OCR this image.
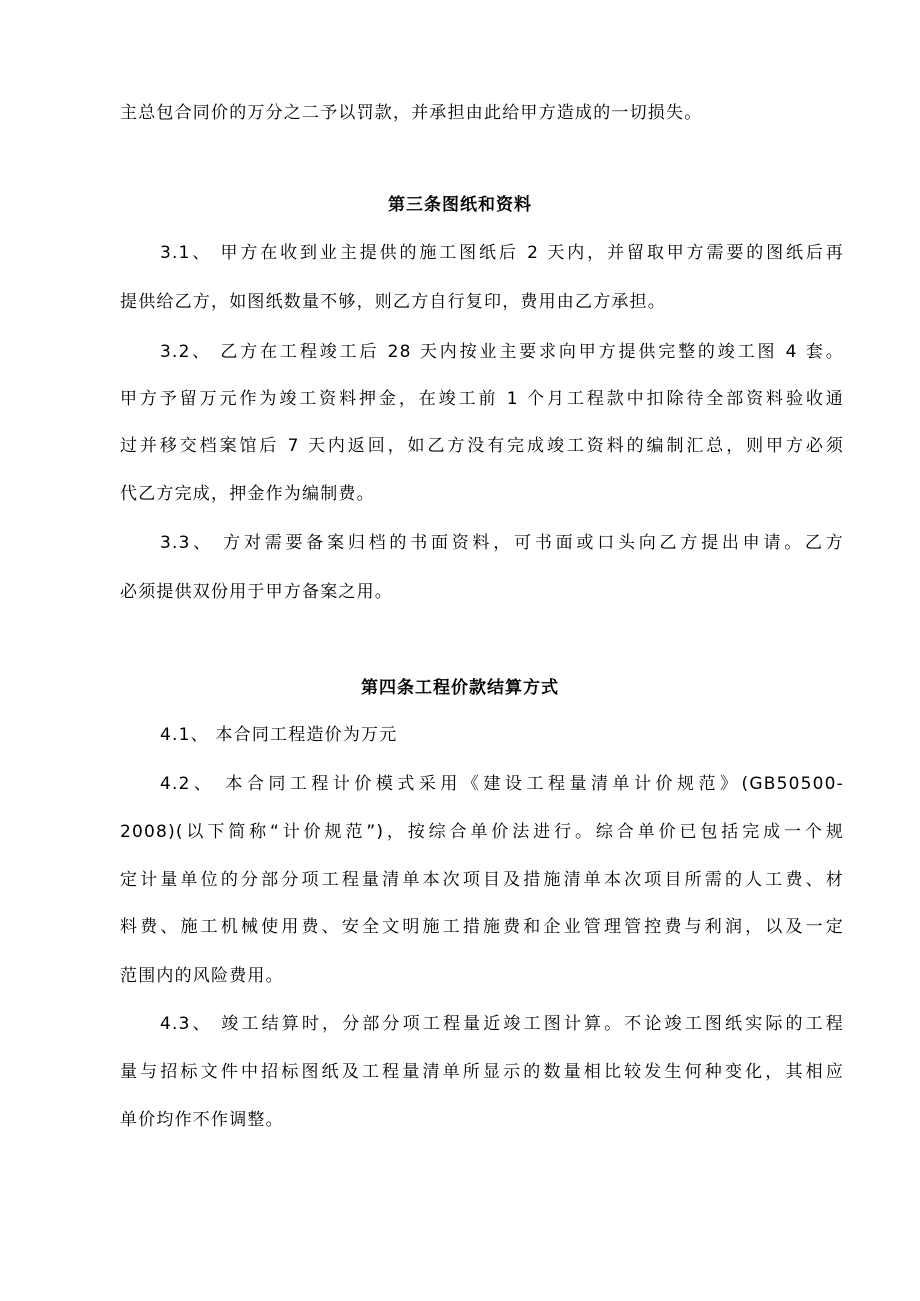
主总包合同价的万分之二予以罚款，并承担由此给甲方造成的一切损失。
第三条图纸和资料
3.1、 甲方在收到业主提供的施工图纸后 2 天内，并留取甲方需要的图纸后再
提供给乙方，如图纸数量不够，则乙方自行复印，费用由乙方承担。
3.2、 乙方在工程竣工后 28 天内按业主要求向甲方提供完整的竣工图 4 套。
甲方予留万元作为竣工资料押金，在竣工前 1 个月工程款中扣除待全部资料验收通
过并移交档案馆后 7 天内返回，如乙方没有完成竣工资料的编制汇总，则甲方必须
代乙方完成，押金作为编制费。
3.3、 方对需要备案归档的书面资料，可书面或口头向乙方提出申请。乙方
必须提供双份用于甲方备案之用。
第四条工程价款结算方式
4.1、 本合同工程造价为万元
4.2、 本合同工程计价模式采用《建设工程量清单计价规范》(GB50500-
2008)(以下简称“计价规范”)，按综合单价法进行。综合单价已包括完成一个规
定计量单位的分部分项工程量清单本次项目及措施清单本次项目所需的人工费、材
料费、施工机械使用费、安全文明施工措施费和企业管理管控费与利润，以及一定
范围内的风险费用。
4.3、 竣工结算时，分部分项工程量近竣工图计算。不论竣工图纸实际的工程
量与招标文件中招标图纸及工程量清单所显示的数量相比较发生何种变化，其相应
单价均作不作调整。
